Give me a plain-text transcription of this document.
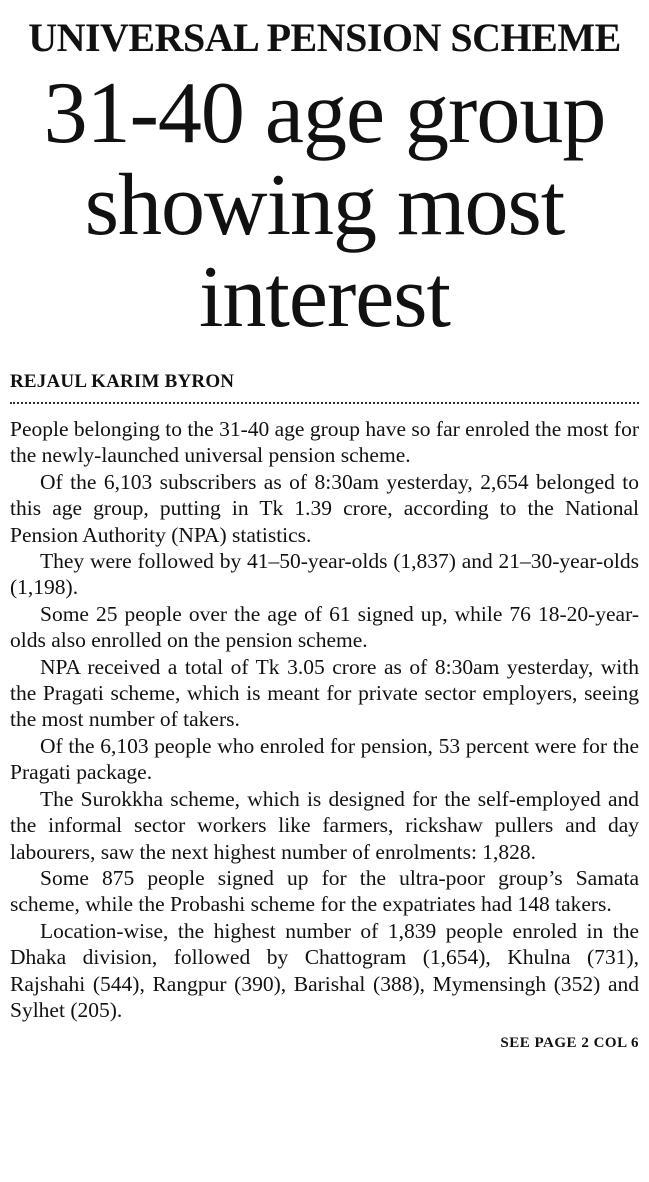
UNIVERSAL PENSION SCHEME
31-40 age group showing most interest
REJAUL KARIM BYRON

People belonging to the 31-40 age group have so far enroled the most for the newly-launched universal pension scheme.

Of the 6,103 subscribers as of 8:30am yesterday, 2,654 belonged to this age group, putting in Tk 1.39 crore, according to the National Pension Authority (NPA) statistics.

They were followed by 41–50-year-olds (1,837) and 21–30-year-olds (1,198).

Some 25 people over the age of 61 signed up, while 76 18-20-year-olds also enrolled on the pension scheme.

NPA received a total of Tk 3.05 crore as of 8:30am yesterday, with the Pragati scheme, which is meant for private sector employers, seeing the most number of takers.

Of the 6,103 people who enroled for pension, 53 percent were for the Pragati package.

The Surokkha scheme, which is designed for the self-employed and the informal sector workers like farmers, rickshaw pullers and day labourers, saw the next highest number of enrolments: 1,828.

Some 875 people signed up for the ultra-poor group’s Samata scheme, while the Probashi scheme for the expatriates had 148 takers.

Location-wise, the highest number of 1,839 people enroled in the Dhaka division, followed by Chattogram (1,654), Khulna (731), Rajshahi (544), Rangpur (390), Barishal (388), Mymensingh (352) and Sylhet (205).

SEE PAGE 2 COL 6
